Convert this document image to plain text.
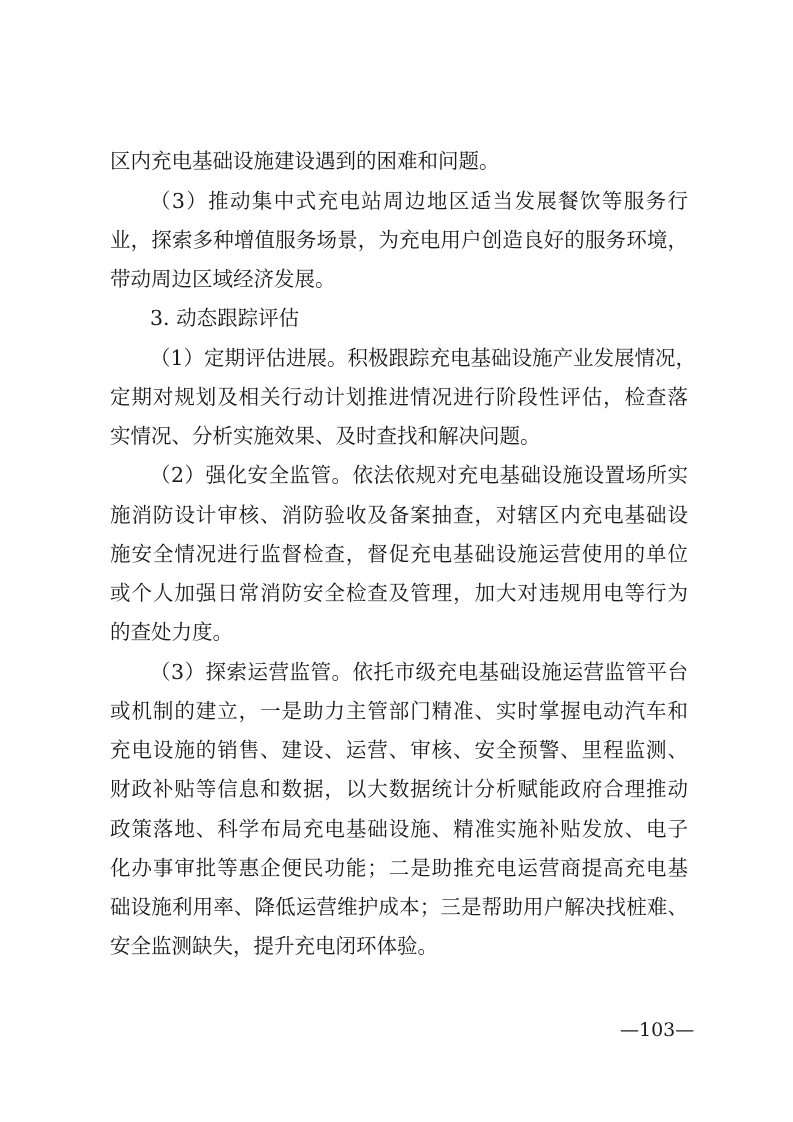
区内充电基础设施建设遇到的困难和问题。
（3）推动集中式充电站周边地区适当发展餐饮等服务行
业，探索多种增值服务场景，为充电用户创造良好的服务环境，
带动周边区域经济发展。
3. 动态跟踪评估
（1）定期评估进展。积极跟踪充电基础设施产业发展情况，
定期对规划及相关行动计划推进情况进行阶段性评估，检查落
实情况、分析实施效果、及时查找和解决问题。
（2）强化安全监管。依法依规对充电基础设施设置场所实
施消防设计审核、消防验收及备案抽查，对辖区内充电基础设
施安全情况进行监督检查，督促充电基础设施运营使用的单位
或个人加强日常消防安全检查及管理，加大对违规用电等行为
的查处力度。
（3）探索运营监管。依托市级充电基础设施运营监管平台
或机制的建立，一是助力主管部门精准、实时掌握电动汽车和
充电设施的销售、建设、运营、审核、安全预警、里程监测、
财政补贴等信息和数据，以大数据统计分析赋能政府合理推动
政策落地、科学布局充电基础设施、精准实施补贴发放、电子
化办事审批等惠企便民功能；二是助推充电运营商提高充电基
础设施利用率、降低运营维护成本；三是帮助用户解决找桩难、
安全监测缺失，提升充电闭环体验。
—103—
